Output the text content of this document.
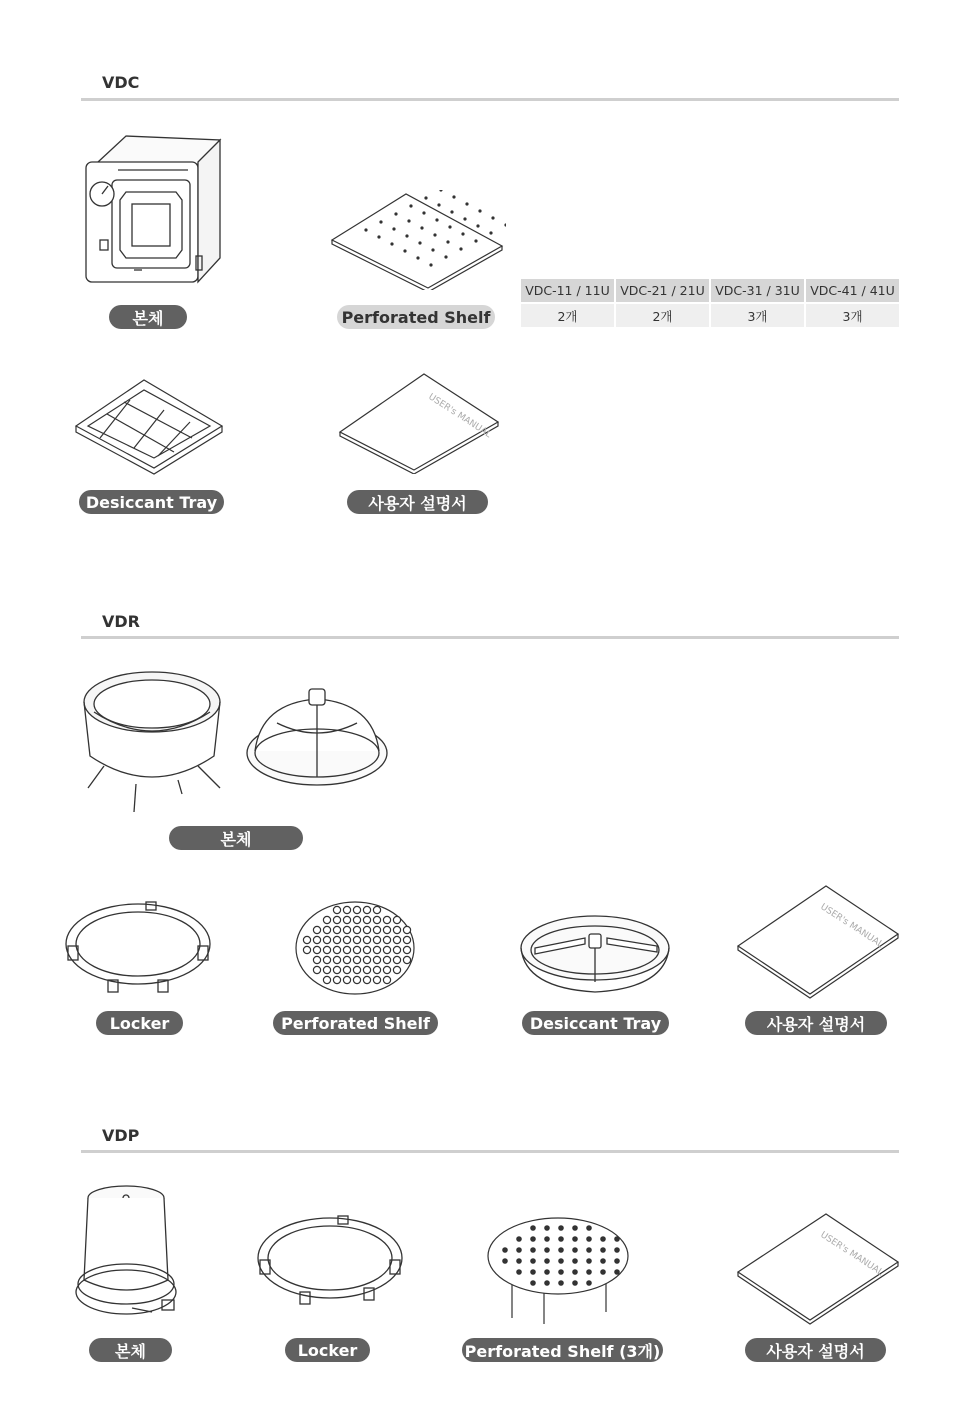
VDC
본체	Perforated Shelf
VDC-11 / 11U	VDC-21 / 21U	VDC-31 / 31U	VDC-41 / 41U
2개	2개	3개	3개
Desiccant Tray
USER's MANUAL
사용자 설명서
VDR
본체
Locker	Perforated Shelf	Desiccant Tray
USER's MANUAL
사용자 설명서
VDP
본체	Locker	Perforated Shelf (3개)
USER's MANUAL
사용자 설명서
